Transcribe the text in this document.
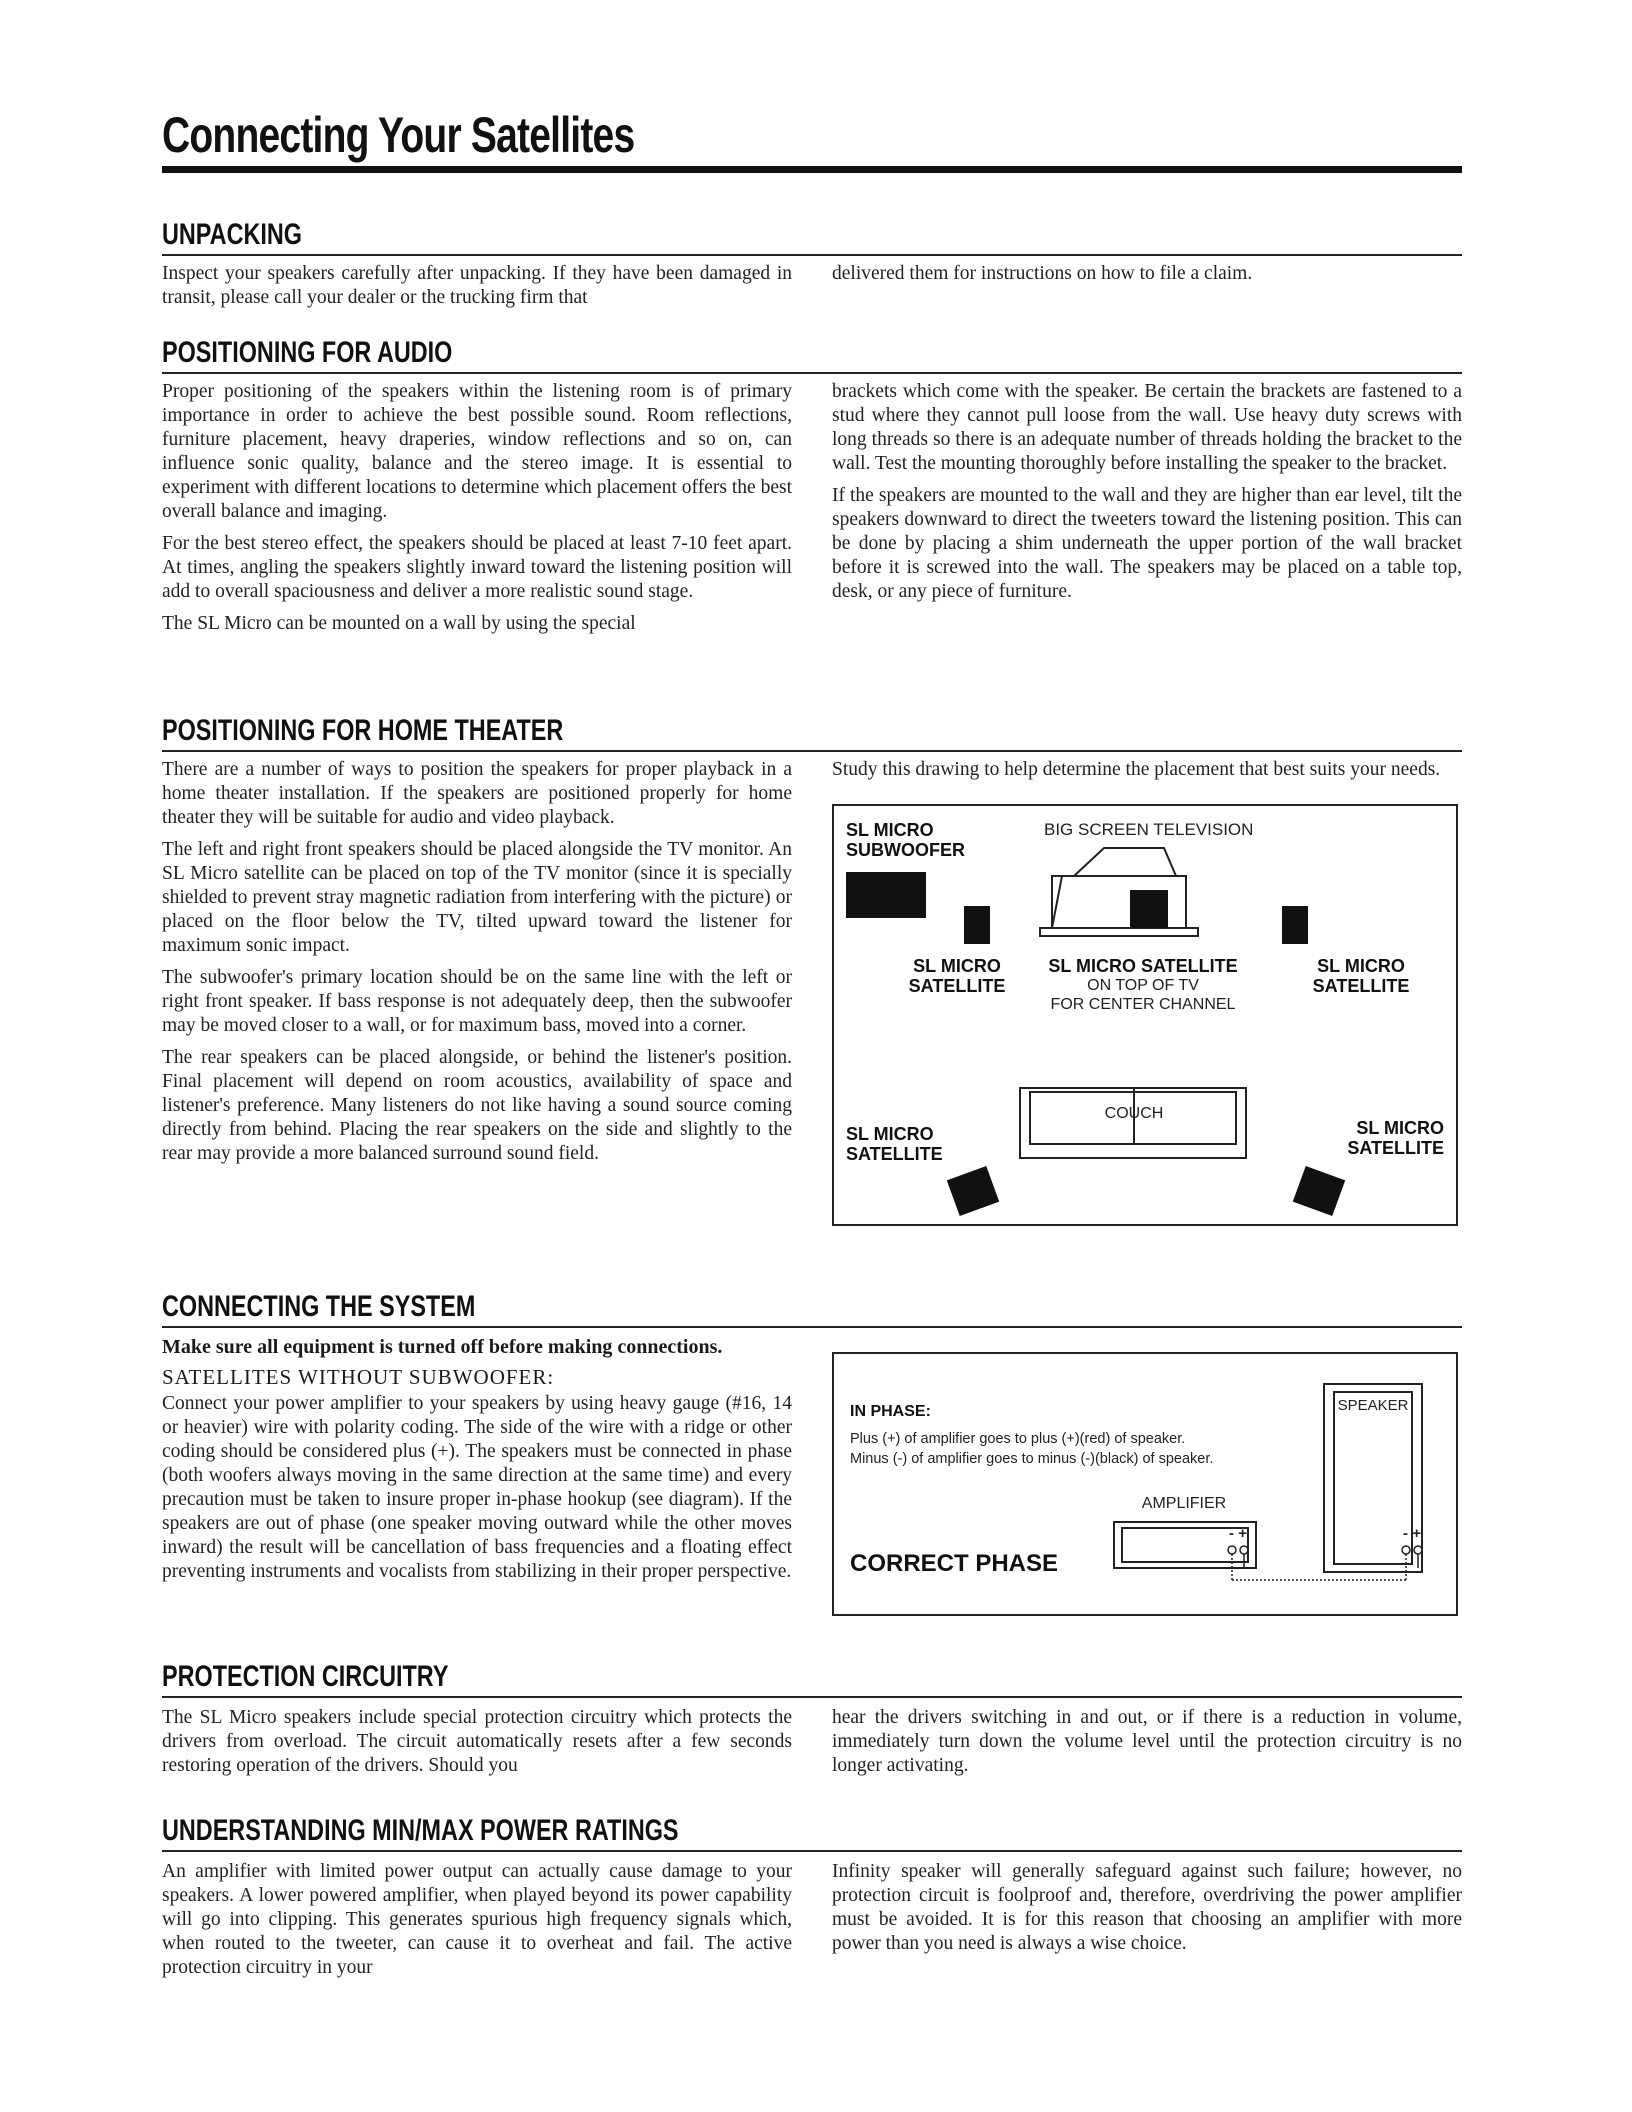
Connecting Your Satellites
UNPACKING

Inspect your speakers carefully after unpacking. If they have been damaged in transit, please call your dealer or the trucking firm that

delivered them for instructions on how to file a claim.

POSITIONING FOR AUDIO

Proper positioning of the speakers within the listening room is of primary importance in order to achieve the best possible sound. Room reflections, furniture placement, heavy draperies, window reflections and so on, can influence sonic quality, balance and the stereo image. It is essential to experiment with different locations to determine which placement offers the best overall balance and imaging.

For the best stereo effect, the speakers should be placed at least 7-10 feet apart. At times, angling the speakers slightly inward toward the listening position will add to overall spaciousness and deliver a more realistic sound stage.

The SL Micro can be mounted on a wall by using the special

brackets which come with the speaker. Be certain the brackets are fastened to a stud where they cannot pull loose from the wall. Use heavy duty screws with long threads so there is an adequate number of threads holding the bracket to the wall. Test the mounting thoroughly before installing the speaker to the bracket.

If the speakers are mounted to the wall and they are higher than ear level, tilt the speakers downward to direct the tweeters toward the listening position. This can be done by placing a shim underneath the upper portion of the wall bracket before it is screwed into the wall. The speakers may be placed on a table top, desk, or any piece of furniture.

POSITIONING FOR HOME THEATER

There are a number of ways to position the speakers for proper playback in a home theater installation. If the speakers are positioned properly for home theater they will be suitable for audio and video playback.

The left and right front speakers should be placed alongside the TV monitor. An SL Micro satellite can be placed on top of the TV monitor (since it is specially shielded to prevent stray magnetic radiation from interfering with the picture) or placed on the floor below the TV, tilted upward toward the listener for maximum sonic impact.

The subwoofer's primary location should be on the same line with the left or right front speaker. If bass response is not adequately deep, then the subwoofer may be moved closer to a wall, or for maximum bass, moved into a corner.

The rear speakers can be placed alongside, or behind the listener's position. Final placement will depend on room acoustics, availability of space and listener's preference. Many listeners do not like having a sound source coming directly from behind. Placing the rear speakers on the side and slightly to the rear may provide a more balanced surround sound field.

Study this drawing to help determine the placement that best suits your needs.

SL MICRO
SUBWOOFER
BIG SCREEN TELEVISION
SL MICRO
SATELLITE
SL MICRO SATELLITE
ON TOP OF TV
FOR CENTER CHANNEL
SL MICRO
SATELLITE
COUCH
SL MICRO
SATELLITE
SL MICRO
SATELLITE
CONNECTING THE SYSTEM
Make sure all equipment is turned off before making connections.
SATELLITES WITHOUT SUBWOOFER:

Connect your power amplifier to your speakers by using heavy gauge (#16, 14 or heavier) wire with polarity coding. The side of the wire with a ridge or other coding should be considered plus (+). The speakers must be connected in phase (both woofers always moving in the same direction at the same time) and every precaution must be taken to insure proper in-phase hookup (see diagram). If the speakers are out of phase (one speaker moving outward while the other moves inward) the result will be cancellation of bass frequencies and a floating effect preventing instruments and vocalists from stabilizing in their proper perspective.

IN PHASE:
Plus (+) of amplifier goes to plus (+)(red) of speaker.
Minus (-) of amplifier goes to minus (-)(black) of speaker.
AMPLIFIER
SPEAKER
- +	- +
CORRECT PHASE
PROTECTION CIRCUITRY

The SL Micro speakers include special protection circuitry which protects the drivers from overload. The circuit automatically resets after a few seconds restoring operation of the drivers. Should you

hear the drivers switching in and out, or if there is a reduction in volume, immediately turn down the volume level until the protection circuitry is no longer activating.

UNDERSTANDING MIN/MAX POWER RATINGS

An amplifier with limited power output can actually cause damage to your speakers. A lower powered amplifier, when played beyond its power capability will go into clipping. This generates spurious high frequency signals which, when routed to the tweeter, can cause it to overheat and fail. The active protection circuitry in your

Infinity speaker will generally safeguard against such failure; however, no protection circuit is foolproof and, therefore, overdriving the power amplifier must be avoided. It is for this reason that choosing an amplifier with more power than you need is always a wise choice.
